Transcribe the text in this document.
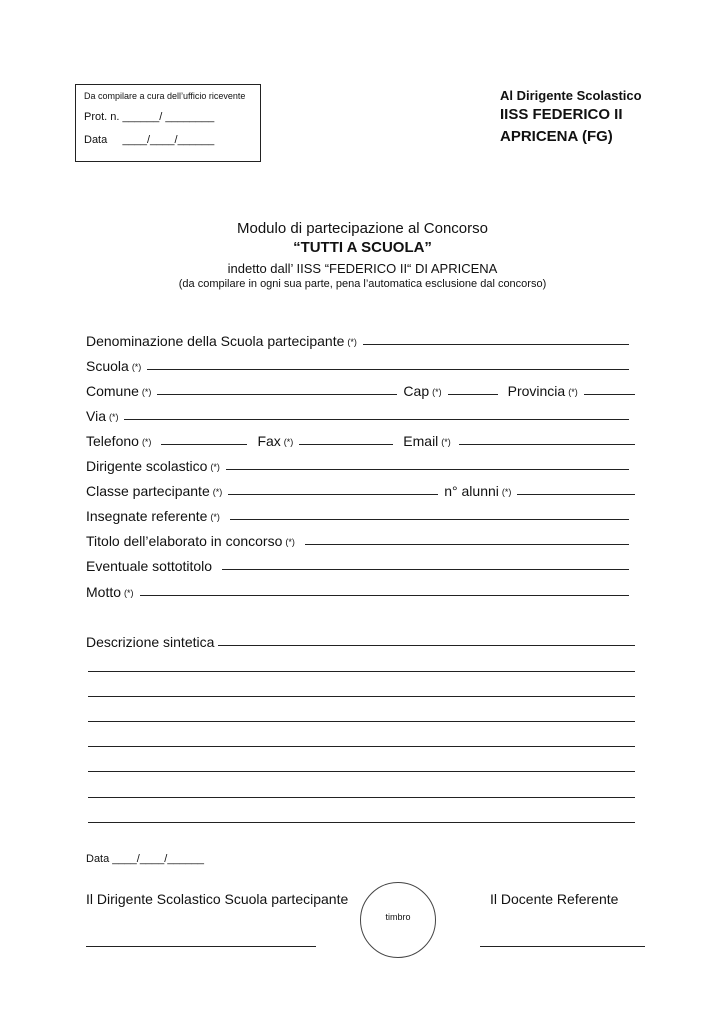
Da compilare a cura dell’ufficio ricevente
Prot. n. ______/ ________
Data     ____/____/______
Al Dirigente Scolastico
IISS FEDERICO II
APRICENA (FG)
Modulo di partecipazione al Concorso
“TUTTI A SCUOLA”
indetto dall’ IISS “FEDERICO II“ DI APRICENA
(da compilare in ogni sua parte, pena l’automatica esclusione dal concorso)
Denominazione della Scuola partecipante (*)
Scuola (*)
Comune (*)	Cap (*)	Provincia (*)
Via (*)
Telefono (*)	Fax (*)	Email (*)
Dirigente scolastico (*)
Classe partecipante (*)	n° alunni (*)
Insegnate referente (*)
Titolo dell’elaborato in concorso (*)
Eventuale sottotitolo
Motto (*)
Descrizione sintetica
Data ____/____/______
Il Dirigente Scolastico Scuola partecipante
timbro
Il Docente Referente
